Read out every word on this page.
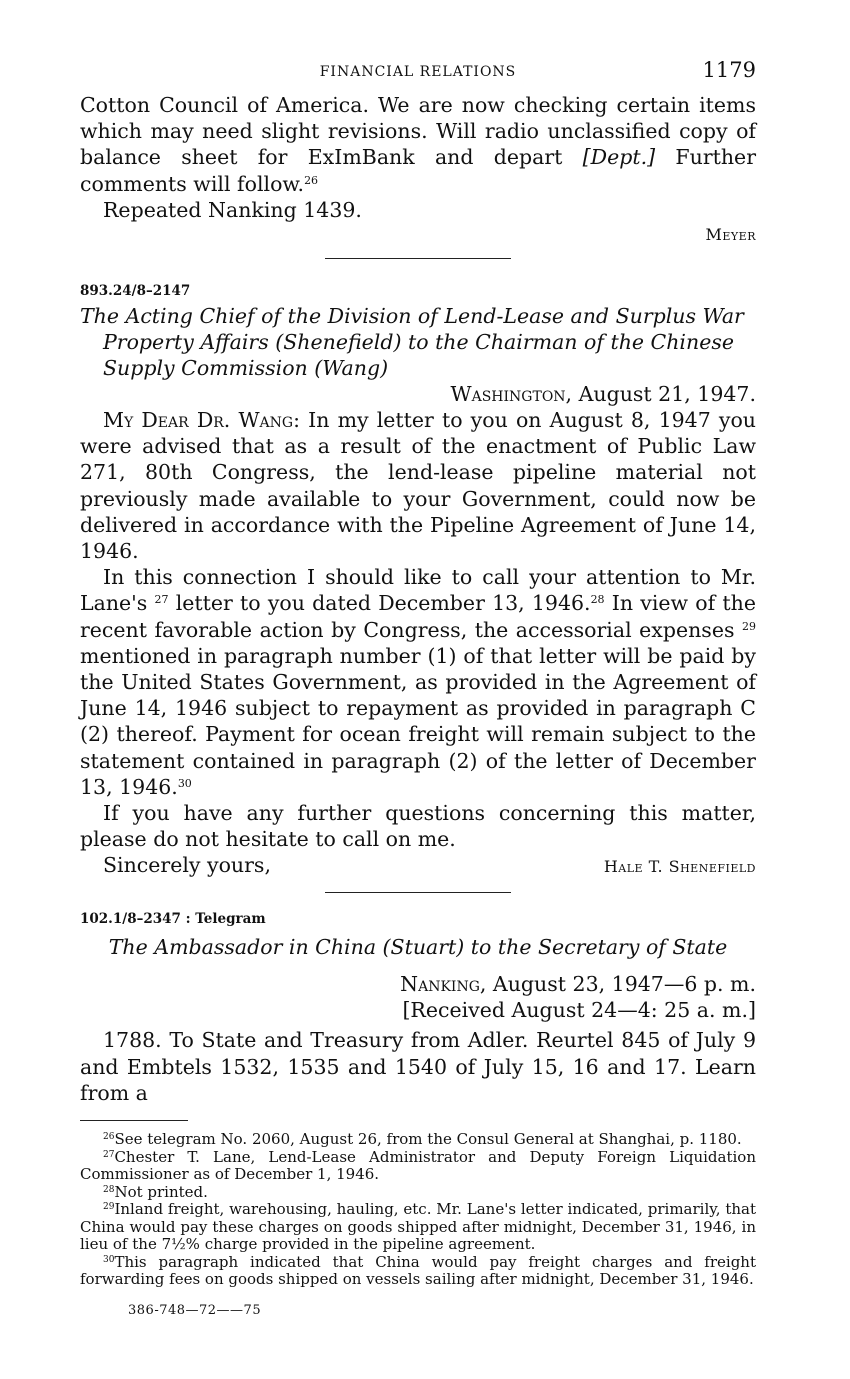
FINANCIAL RELATIONS	1179

Cotton Council of America. We are now checking certain items which may need slight revisions. Will radio unclassified copy of balance sheet for ExImBank and depart [Dept.] Further comments will follow.$^{26}$

Repeated Nanking 1439.

Meyer

893.24/8–2147

The Acting Chief of the Division of Lend-Lease and Surplus War Property Affairs (Shenefield) to the Chairman of the Chinese Supply Commission (Wang)

Washington, August 21, 1947.

My Dear Dr. Wang: In my letter to you on August 8, 1947 you were advised that as a result of the enactment of Public Law 271, 80th Congress, the lend-lease pipeline material not previously made available to your Government, could now be delivered in accordance with the Pipeline Agreement of June 14, 1946.

In this connection I should like to call your attention to Mr. Lane's $^{27}$ letter to you dated December 13, 1946.28 In view of the recent favorable action by Congress, the accessorial expenses $^{29}$ mentioned in paragraph number (1) of that letter will be paid by the United States Government, as provided in the Agreement of June 14, 1946 subject to repayment as provided in paragraph C (2) thereof. Payment for ocean freight will remain subject to the statement contained in paragraph (2) of the letter of December 13, 1946.30

If you have any further questions concerning this matter, please do not hesitate to call on me.

Sincerely yours,	Hale T. Shenefield

102.1/8–2347 : Telegram

The Ambassador in China (Stuart) to the Secretary of State

Nanking, August 23, 1947—6 p. m.

[Received August 24—4: 25 a. m.]

1788. To State and Treasury from Adler. Reurtel 845 of July 9 and Embtels 1532, 1535 and 1540 of July 15, 16 and 17. Learn from a

$^{26}$See telegram No. 2060, August 26, from the Consul General at Shanghai, p. 1180.

$^{27}$Chester T. Lane, Lend-Lease Administrator and Deputy Foreign Liquidation Commissioner as of December 1, 1946.

$^{28}$Not printed.

$^{29}$Inland freight, warehousing, hauling, etc. Mr. Lane's letter indicated, primarily, that China would pay these charges on goods shipped after midnight, December 31, 1946, in lieu of the 7½% charge provided in the pipeline agreement.

$^{30}$This paragraph indicated that China would pay freight charges and freight forwarding fees on goods shipped on vessels sailing after midnight, December 31, 1946.

386-748—72——75
